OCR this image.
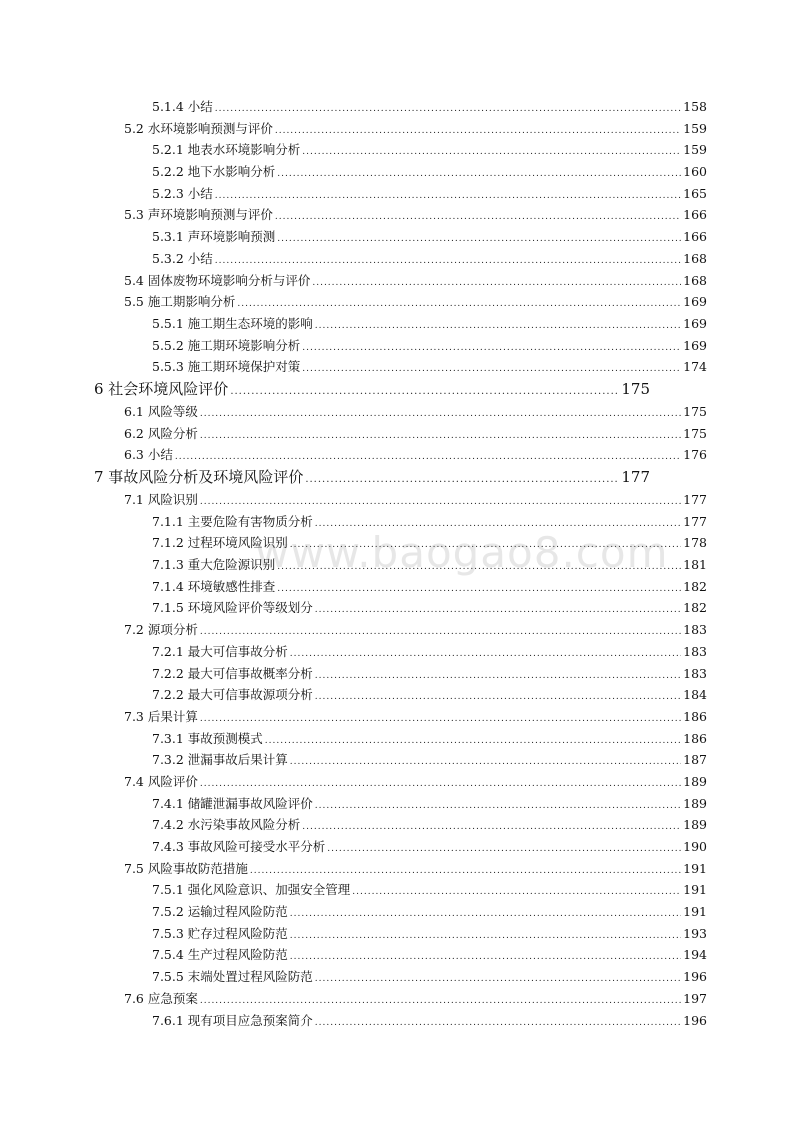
5.1.4 小结 .....	158
5.2 水环境影响预测与评价 .....	159
5.2.1 地表水环境影响分析 .....	159
5.2.2 地下水影响分析 .....	160
5.2.3 小结 .....	165
5.3 声环境影响预测与评价 .....	166
5.3.1 声环境影响预测 .....	166
5.3.2 小结 .....	168
5.4 固体废物环境影响分析与评价 .....	168
5.5 施工期影响分析 .....	169
5.5.1 施工期生态环境的影响 .....	169
5.5.2 施工期环境影响分析 .....	169
5.5.3 施工期环境保护对策 .....	174
6 社会环境风险评价 .....	175
6.1 风险等级 .....	175
6.2 风险分析 .....	175
6.3 小结 .....	176
7 事故风险分析及环境风险评价 .....	177
7.1 风险识别 .....	177
7.1.1 主要危险有害物质分析 .....	177
7.1.2 过程环境风险识别 .....	178
7.1.3 重大危险源识别 .....	181
7.1.4 环境敏感性排查 .....	182
7.1.5 环境风险评价等级划分 .....	182
7.2 源项分析 .....	183
7.2.1 最大可信事故分析 .....	183
7.2.2 最大可信事故概率分析 .....	183
7.2.2 最大可信事故源项分析 .....	184
7.3 后果计算 .....	186
7.3.1 事故预测模式 .....	186
7.3.2 泄漏事故后果计算 .....	187
7.4 风险评价 .....	189
7.4.1 储罐泄漏事故风险评价 .....	189
7.4.2 水污染事故风险分析 .....	189
7.4.3 事故风险可接受水平分析 .....	190
7.5 风险事故防范措施 .....	191
7.5.1 强化风险意识、加强安全管理 .....	191
7.5.2 运输过程风险防范 .....	191
7.5.3 贮存过程风险防范 .....	193
7.5.4 生产过程风险防范 .....	194
7.5.5 末端处置过程风险防范 .....	196
7.6 应急预案 .....	197
7.6.1 现有项目应急预案简介 .....	196
www.baogao8.com
